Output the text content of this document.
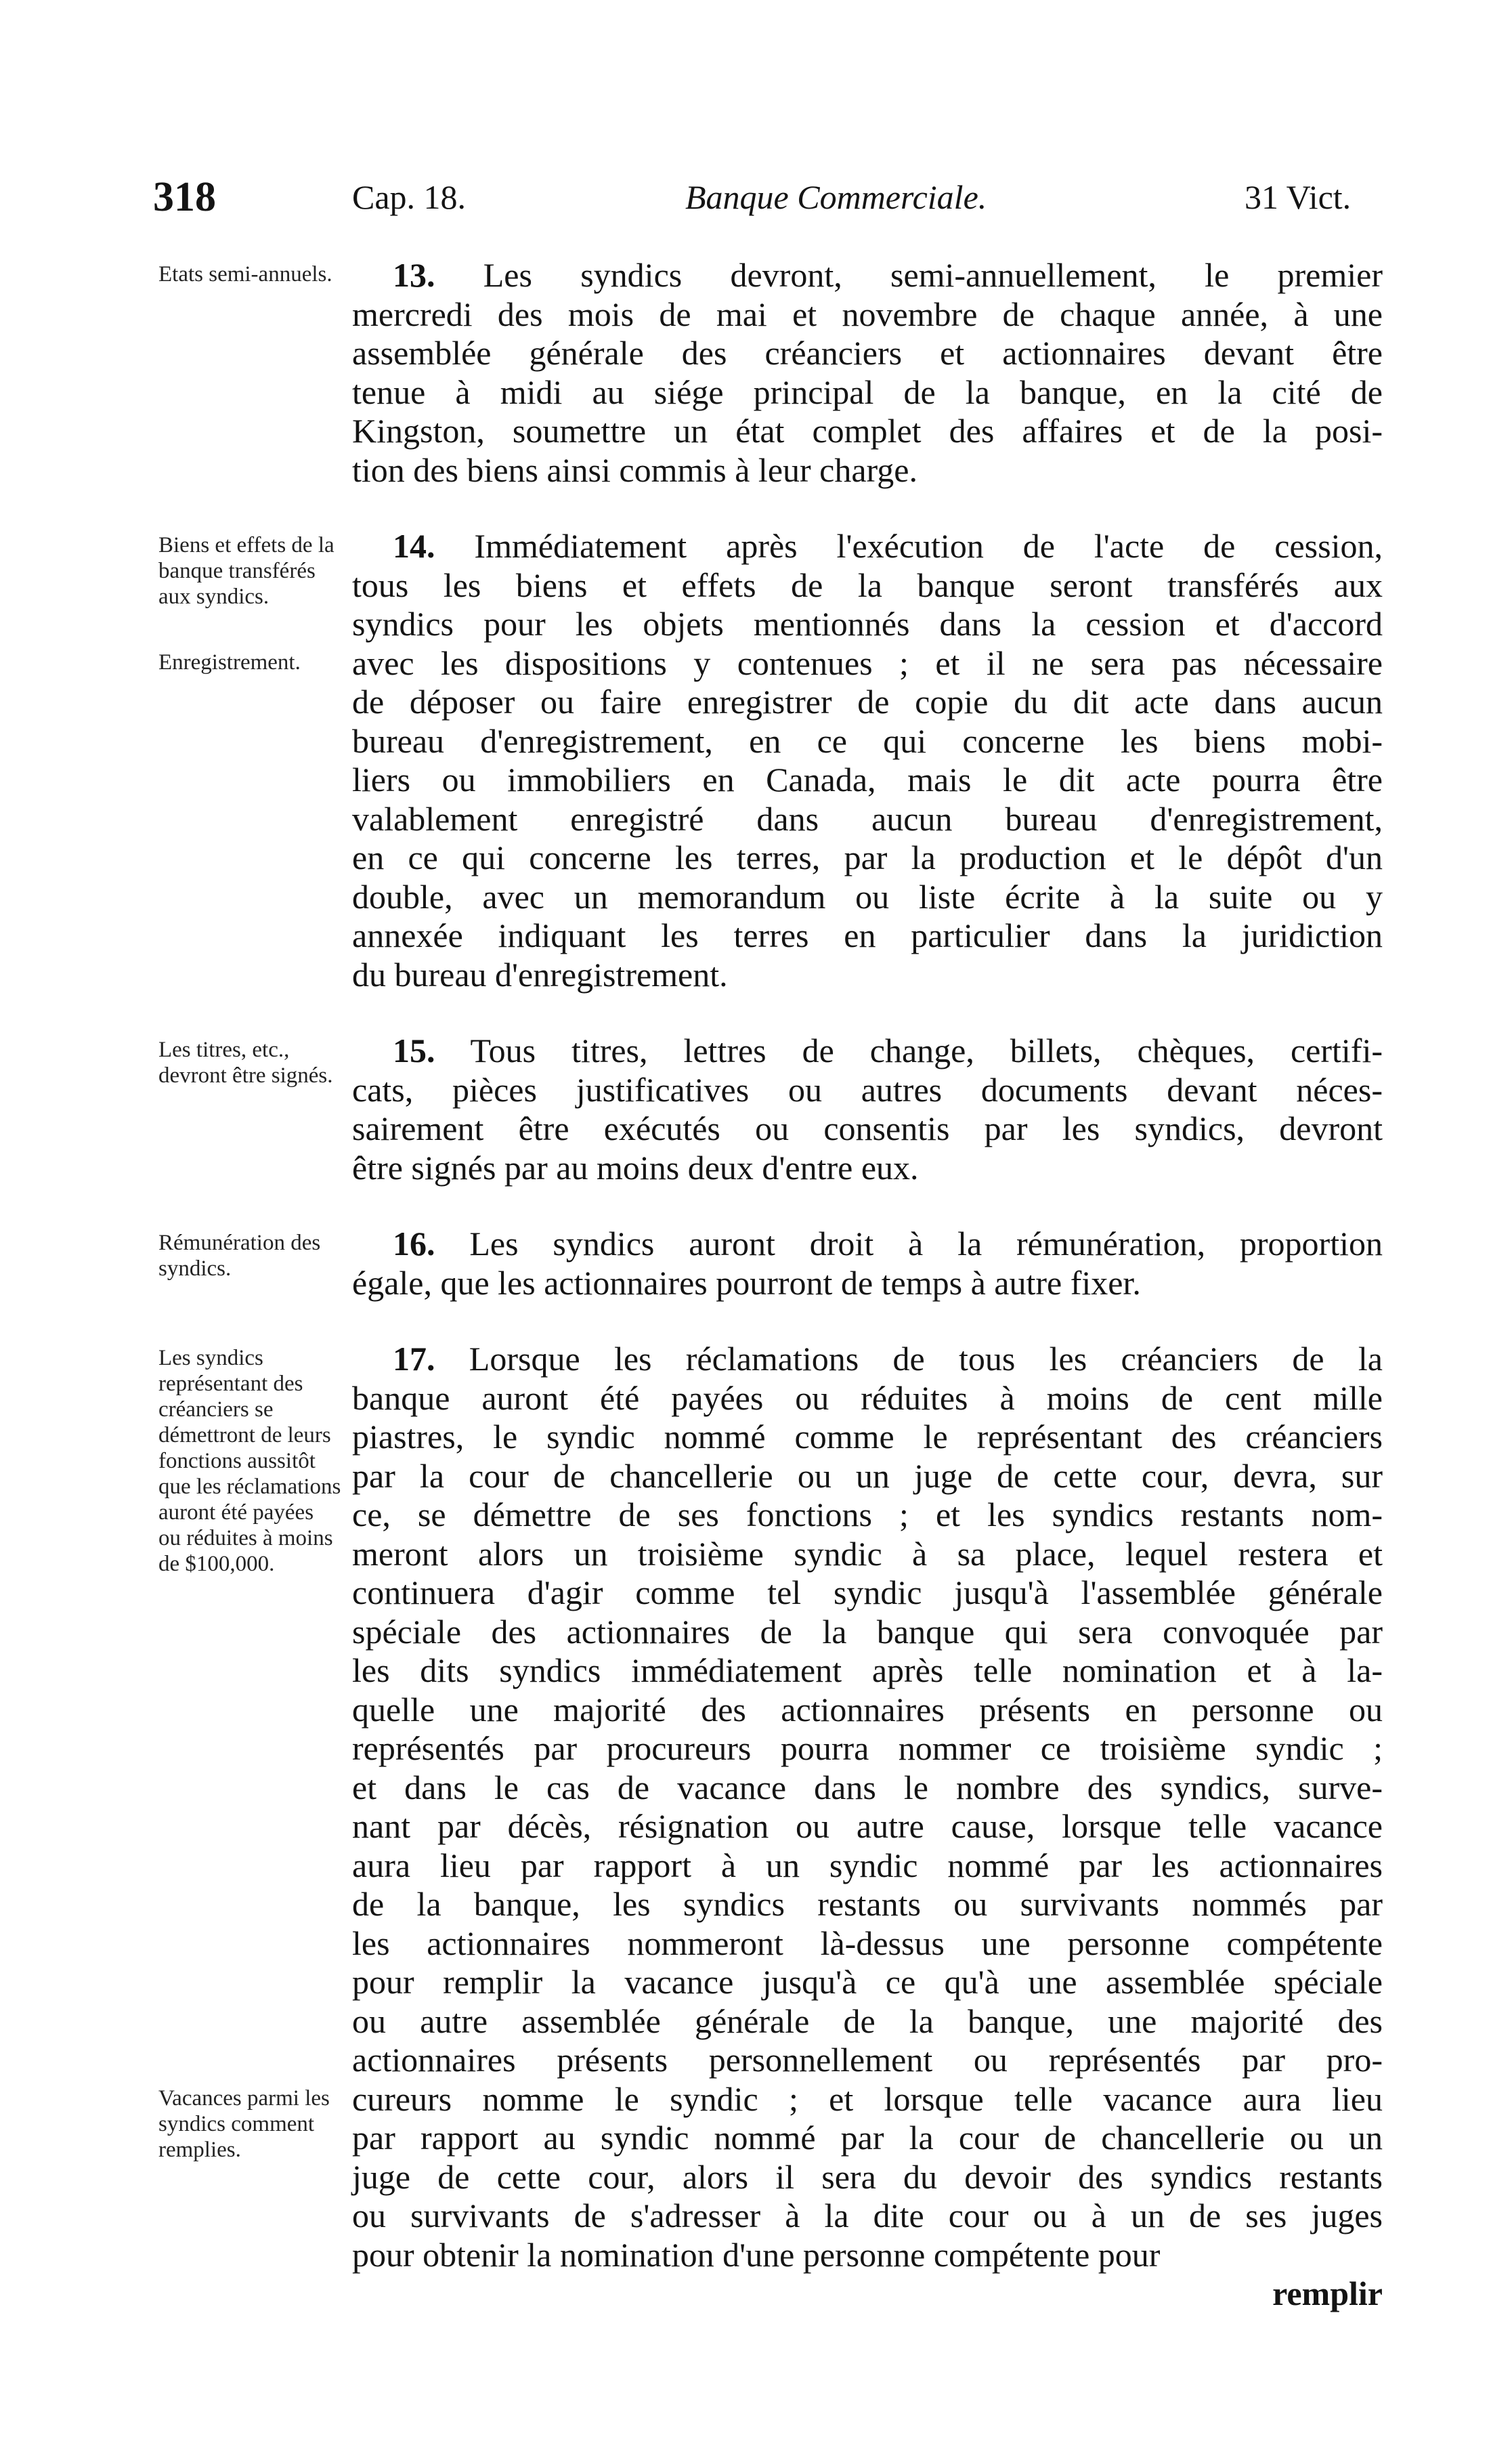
318	Cap. 18.	Banque Commerciale.	31 Vict.
Etats semi-annuels.	13. Les syndics devront, semi-annuellement, le premier
mercredi des mois de mai et novembre de chaque année, à une
assemblée générale des créanciers et actionnaires devant être
tenue à midi au siége principal de la banque, en la cité de
Kingston, soumettre un état complet des affaires et de la posi-
tion des biens ainsi commis à leur charge.
Biens et effets de la banque transférés aux syndics.
Enregistrement.
14. Immédiatement après l'exécution de l'acte de cession,
tous les biens et effets de la banque seront transférés aux
syndics pour les objets mentionnés dans la cession et d'accord
avec les dispositions y contenues ; et il ne sera pas nécessaire
de déposer ou faire enregistrer de copie du dit acte dans aucun
bureau d'enregistrement, en ce qui concerne les biens mobi-
liers ou immobiliers en Canada, mais le dit acte pourra être
valablement enregistré dans aucun bureau d'enregistrement,
en ce qui concerne les terres, par la production et le dépôt d'un
double, avec un memorandum ou liste écrite à la suite ou y
annexée indiquant les terres en particulier dans la juridiction
du bureau d'enregistrement.
Les titres, etc., devront être signés.
15. Tous titres, lettres de change, billets, chèques, certifi-
cats, pièces justificatives ou autres documents devant néces-
sairement être exécutés ou consentis par les syndics, devront
être signés par au moins deux d'entre eux.
Rémunération des syndics.
16. Les syndics auront droit à la rémunération, proportion
égale, que les actionnaires pourront de temps à autre fixer.
Les syndics représentant des créanciers se démettront de leurs fonctions aussitôt que les réclamations auront été payées ou réduites à moins de $100,000.
Vacances parmi les syndics comment remplies.
17. Lorsque les réclamations de tous les créanciers de la
banque auront été payées ou réduites à moins de cent mille
piastres, le syndic nommé comme le représentant des créanciers
par la cour de chancellerie ou un juge de cette cour, devra, sur
ce, se démettre de ses fonctions ; et les syndics restants nom-
meront alors un troisième syndic à sa place, lequel restera et
continuera d'agir comme tel syndic jusqu'à l'assemblée générale
spéciale des actionnaires de la banque qui sera convoquée par
les dits syndics immédiatement après telle nomination et à la-
quelle une majorité des actionnaires présents en personne ou
représentés par procureurs pourra nommer ce troisième syndic ;
et dans le cas de vacance dans le nombre des syndics, surve-
nant par décès, résignation ou autre cause, lorsque telle vacance
aura lieu par rapport à un syndic nommé par les actionnaires
de la banque, les syndics restants ou survivants nommés par
les actionnaires nommeront là-dessus une personne compétente
pour remplir la vacance jusqu'à ce qu'à une assemblée spéciale
ou autre assemblée générale de la banque, une majorité des
actionnaires présents personnellement ou représentés par pro-
cureurs nomme le syndic ; et lorsque telle vacance aura lieu
par rapport au syndic nommé par la cour de chancellerie ou un
juge de cette cour, alors il sera du devoir des syndics restants
ou survivants de s'adresser à la dite cour ou à un de ses juges
pour obtenir la nomination d'une personne compétente pour
remplir
